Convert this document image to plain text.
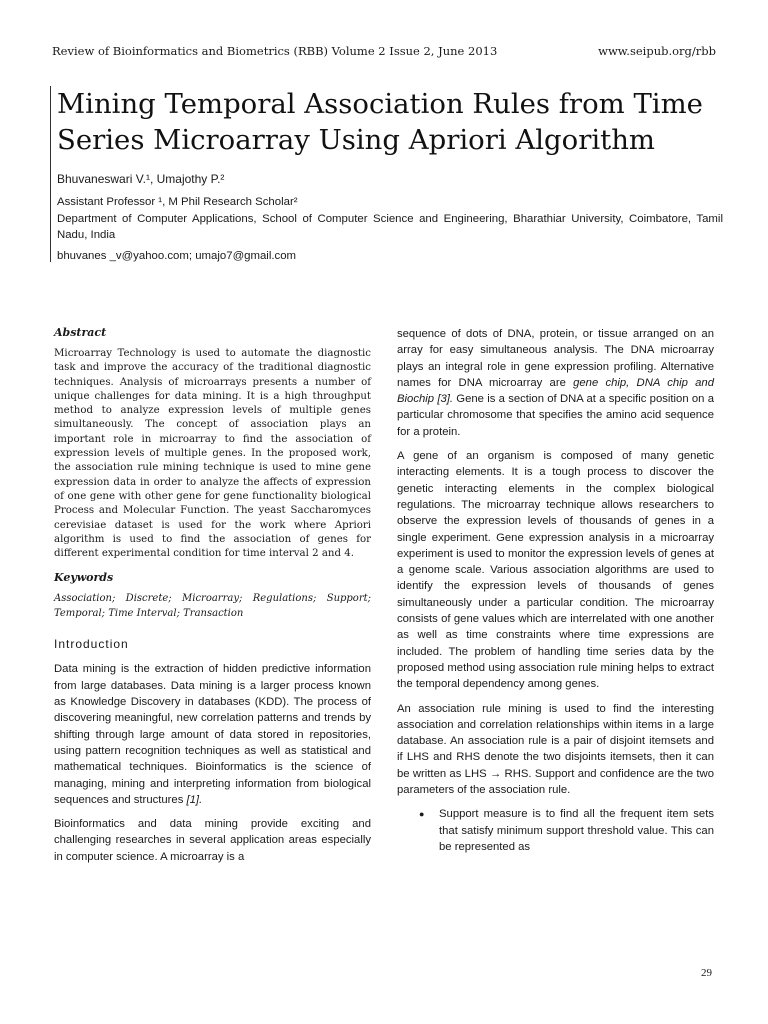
Review of Bioinformatics and Biometrics (RBB) Volume 2 Issue 2, June 2013	www.seipub.org/rbb
Mining Temporal Association Rules from Time Series Microarray Using Apriori Algorithm
Bhuvaneswari V.¹, Umajothy P.²
Assistant Professor ¹, M Phil Research Scholar²
Department of Computer Applications, School of Computer Science and Engineering, Bharathiar University, Coimbatore, Tamil Nadu, India
bhuvanes _v@yahoo.com; umajo7@gmail.com

Abstract

Microarray Technology is used to automate the diagnostic task and improve the accuracy of the traditional diagnostic techniques. Analysis of microarrays presents a number of unique challenges for data mining. It is a high throughput method to analyze expression levels of multiple genes simultaneously. The concept of association plays an important role in microarray to find the association of expression levels of multiple genes. In the proposed work, the association rule mining technique is used to mine gene expression data in order to analyze the affects of expression of one gene with other gene for gene functionality biological Process and Molecular Function. The yeast Saccharomyces cerevisiae dataset is used for the work where Apriori algorithm is used to find the association of genes for different experimental condition for time interval 2 and 4.

Keywords

Association; Discrete; Microarray; Regulations; Support; Temporal; Time Interval; Transaction

Introduction

Data mining is the extraction of hidden predictive information from large databases. Data mining is a larger process known as Knowledge Discovery in databases (KDD). The process of discovering meaningful, new correlation patterns and trends by shifting through large amount of data stored in repositories, using pattern recognition techniques as well as statistical and mathematical techniques. Bioinformatics is the science of managing, mining and interpreting information from biological sequences and structures [1].

Bioinformatics and data mining provide exciting and challenging researches in several application areas especially in computer science. A microarray is a

sequence of dots of DNA, protein, or tissue arranged on an array for easy simultaneous analysis. The DNA microarray plays an integral role in gene expression profiling. Alternative names for DNA microarray are gene chip, DNA chip and Biochip [3]. Gene is a section of DNA at a specific position on a particular chromosome that specifies the amino acid sequence for a protein.

A gene of an organism is composed of many genetic interacting elements. It is a tough process to discover the genetic interacting elements in the complex biological regulations. The microarray technique allows researchers to observe the expression levels of thousands of genes in a single experiment. Gene expression analysis in a microarray experiment is used to monitor the expression levels of genes at a genome scale. Various association algorithms are used to identify the expression levels of thousands of genes simultaneously under a particular condition. The microarray consists of gene values which are interrelated with one another as well as time constraints where time expressions are included. The problem of handling time series data by the proposed method using association rule mining helps to extract the temporal dependency among genes.

An association rule mining is used to find the interesting association and correlation relationships within items in a large database. An association rule is a pair of disjoint itemsets and if LHS and RHS denote the two disjoints itemsets, then it can be written as LHS → RHS. Support and confidence are the two parameters of the association rule.

●	Support measure is to find all the frequent item sets that satisfy minimum support threshold value. This can be represented as
29
